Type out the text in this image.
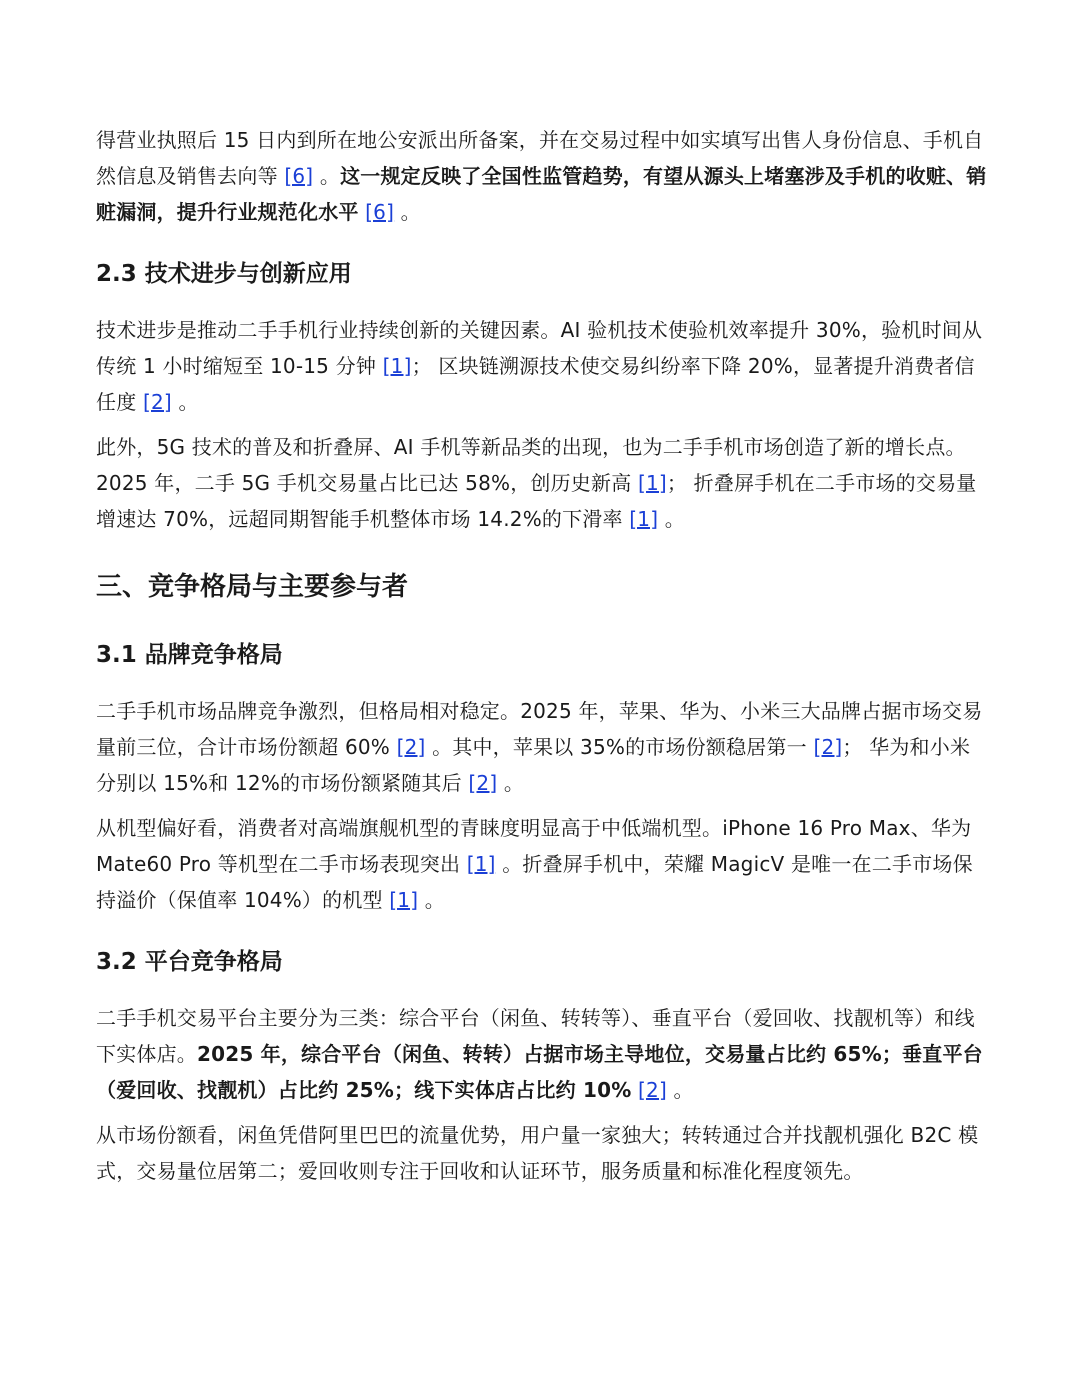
得营业执照后 15 日内到所在地公安派出所备案，并在交易过程中如实填写出售人身份信息、手机自然信息及销售去向等 [6] 。这一规定反映了全国性监管趋势，有望从源头上堵塞涉及手机的收赃、销赃漏洞，提升行业规范化水平 [6] 。

2.3 技术进步与创新应用

技术进步是推动二手手机行业持续创新的关键因素。AI 验机技术使验机效率提升 30%，验机时间从传统 1 小时缩短至 10-15 分钟 [1]； 区块链溯源技术使交易纠纷率下降 20%，显著提升消费者信任度 [2] 。

此外，5G 技术的普及和折叠屏、AI 手机等新品类的出现，也为二手手机市场创造了新的增长点。2025 年，二手 5G 手机交易量占比已达 58%，创历史新高 [1]； 折叠屏手机在二手市场的交易量增速达 70%，远超同期智能手机整体市场 14.2%的下滑率 [1] 。

三、竞争格局与主要参与者
3.1 品牌竞争格局

二手手机市场品牌竞争激烈，但格局相对稳定。2025 年，苹果、华为、小米三大品牌占据市场交易量前三位，合计市场份额超 60% [2] 。其中，苹果以 35%的市场份额稳居第一 [2]； 华为和小米分别以 15%和 12%的市场份额紧随其后 [2] 。

从机型偏好看，消费者对高端旗舰机型的青睐度明显高于中低端机型。iPhone 16 Pro Max、华为 Mate60 Pro 等机型在二手市场表现突出 [1] 。折叠屏手机中，荣耀 MagicV 是唯一在二手市场保持溢价（保值率 104%）的机型 [1] 。

3.2 平台竞争格局

二手手机交易平台主要分为三类：综合平台（闲鱼、转转等）、垂直平台（爱回收、找靓机等）和线下实体店。2025 年，综合平台（闲鱼、转转）占据市场主导地位，交易量占比约 65%；垂直平台（爱回收、找靓机）占比约 25%；线下实体店占比约 10% [2] 。

从市场份额看，闲鱼凭借阿里巴巴的流量优势，用户量一家独大；转转通过合并找靓机强化 B2C 模式，交易量位居第二；爱回收则专注于回收和认证环节，服务质量和标准化程度领先。
